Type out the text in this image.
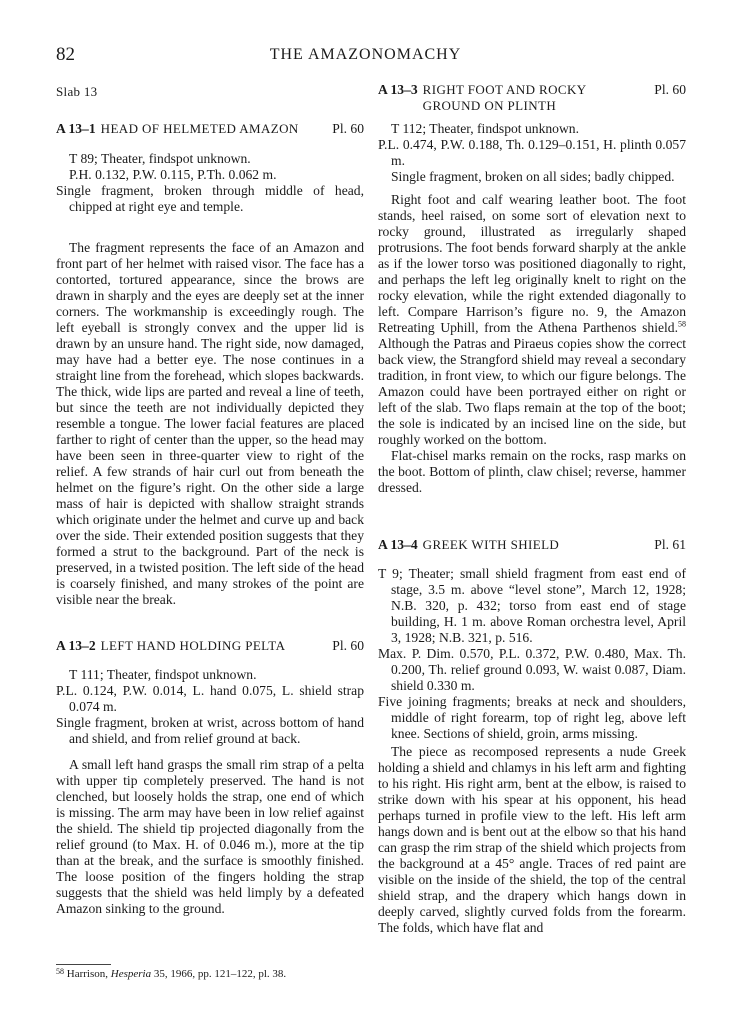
82	THE AMAZONOMACHY
Slab 13
A 13–1 HEAD OF HELMETED AMAZON	Pl. 60

T 89; Theater, findspot unknown.

P.H. 0.132, P.W. 0.115, P.Th. 0.062 m.

Single fragment, broken through middle of head, chipped at right eye and temple.

The fragment represents the face of an Amazon and front part of her helmet with raised visor. The face has a contorted, tortured appearance, since the brows are drawn in sharply and the eyes are deeply set at the inner corners. The workmanship is exceedingly rough. The left eyeball is strongly convex and the upper lid is drawn by an unsure hand. The right side, now damaged, may have had a better eye. The nose continues in a straight line from the forehead, which slopes backwards. The thick, wide lips are parted and reveal a line of teeth, but since the teeth are not individually depicted they resemble a tongue. The lower facial features are placed farther to right of center than the upper, so the head may have been seen in three-quarter view to right of the relief. A few strands of hair curl out from beneath the helmet on the figure’s right. On the other side a large mass of hair is depicted with shallow straight strands which originate under the helmet and curve up and back over the side. Their extended position suggests that they formed a strut to the background. Part of the neck is preserved, in a twisted position. The left side of the head is coarsely finished, and many strokes of the point are visible near the break.

A 13–2 LEFT HAND HOLDING PELTA	Pl. 60

T 111; Theater, findspot unknown.

P.L. 0.124, P.W. 0.014, L. hand 0.075, L. shield strap 0.074 m.

Single fragment, broken at wrist, across bottom of hand and shield, and from relief ground at back.

A small left hand grasps the small rim strap of a pelta with upper tip completely preserved. The hand is not clenched, but loosely holds the strap, one end of which is missing. The arm may have been in low relief against the shield. The shield tip projected diagonally from the relief ground (to Max. H. of 0.046 m.), more at the tip than at the break, and the surface is smoothly finished. The loose position of the fingers holding the strap suggests that the shield was held limply by a defeated Amazon sinking to the ground.

A 13–3 RIGHT FOOT AND ROCKY
GROUND ON PLINTH
Pl. 60

T 112; Theater, findspot unknown.

P.L. 0.474, P.W. 0.188, Th. 0.129–0.151, H. plinth 0.057 m.

Single fragment, broken on all sides; badly chipped.

Right foot and calf wearing leather boot. The foot stands, heel raised, on some sort of elevation next to rocky ground, illustrated as irregularly shaped protrusions. The foot bends forward sharply at the ankle as if the lower torso was positioned diagonally to right, and perhaps the left leg originally knelt to right on the rocky elevation, while the right extended diagonally to left. Compare Harrison’s figure no. 9, the Amazon Retreating Uphill, from the Athena Parthenos shield.$^{58}$ Although the Patras and Piraeus copies show the correct back view, the Strangford shield may reveal a secondary tradition, in front view, to which our figure belongs. The Amazon could have been portrayed either on right or left of the slab. Two flaps remain at the top of the boot; the sole is indicated by an incised line on the side, but roughly worked on the bottom.

Flat-chisel marks remain on the rocks, rasp marks on the boot. Bottom of plinth, claw chisel; reverse, hammer dressed.

A 13–4 GREEK WITH SHIELD	Pl. 61

T 9; Theater; small shield fragment from east end of stage, 3.5 m. above “level stone”, March 12, 1928; N.B. 320, p. 432; torso from east end of stage building, H. 1 m. above Roman orchestra level, April 3, 1928; N.B. 321, p. 516.

Max. P. Dim. 0.570, P.L. 0.372, P.W. 0.480, Max. Th. 0.200, Th. relief ground 0.093, W. waist 0.087, Diam. shield 0.330 m.

Five joining fragments; breaks at neck and shoulders, middle of right forearm, top of right leg, above left knee. Sections of shield, groin, arms missing.

The piece as recomposed represents a nude Greek holding a shield and chlamys in his left arm and fighting to his right. His right arm, bent at the elbow, is raised to strike down with his spear at his opponent, his head perhaps turned in profile view to the left. His left arm hangs down and is bent out at the elbow so that his hand can grasp the rim strap of the shield which projects from the background at a 45° angle. Traces of red paint are visible on the inside of the shield, the top of the central shield strap, and the drapery which hangs down in deeply carved, slightly curved folds from the forearm. The folds, which have flat and

$^{58}$ Harrison, Hesperia 35, 1966, pp. 121–122, pl. 38.
